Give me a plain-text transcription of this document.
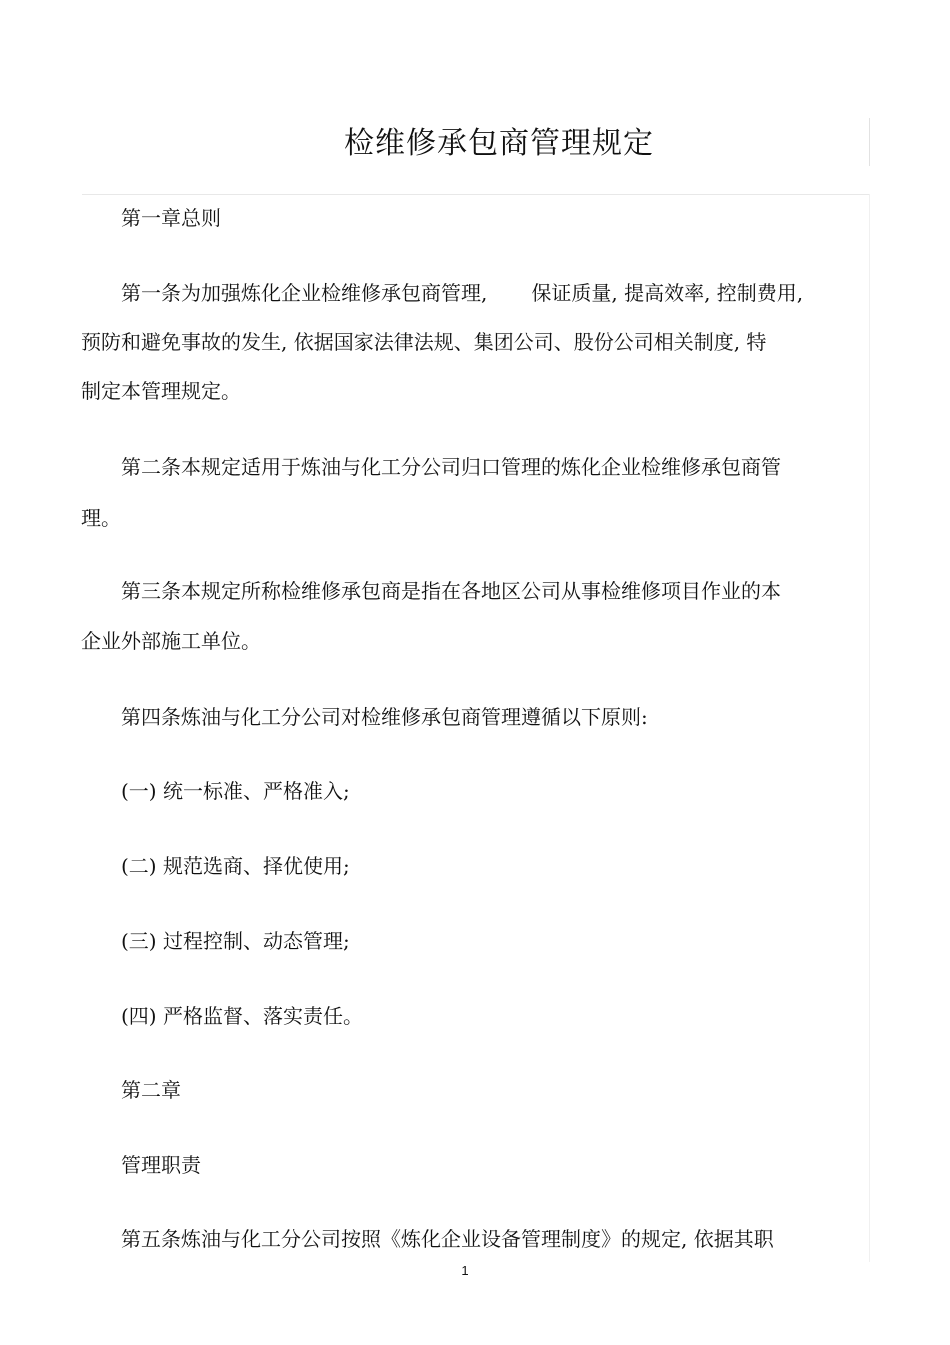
检维修承包商管理规定
第一章总则
第一条为加强炼化企业检维修承包商管理, 保证质量, 提高效率, 控制费用,
预防和避免事故的发生, 依据国家法律法规、集团公司、股份公司相关制度, 特
制定本管理规定。
第二条本规定适用于炼油与化工分公司归口管理的炼化企业检维修承包商管
理。
第三条本规定所称检维修承包商是指在各地区公司从事检维修项目作业的本
企业外部施工单位。
第四条炼油与化工分公司对检维修承包商管理遵循以下原则:
(一) 统一标准、严格准入;
(二) 规范选商、择优使用;
(三) 过程控制、动态管理;
(四) 严格监督、落实责任。
第二章
管理职责
第五条炼油与化工分公司按照《炼化企业设备管理制度》的规定, 依据其职
1
